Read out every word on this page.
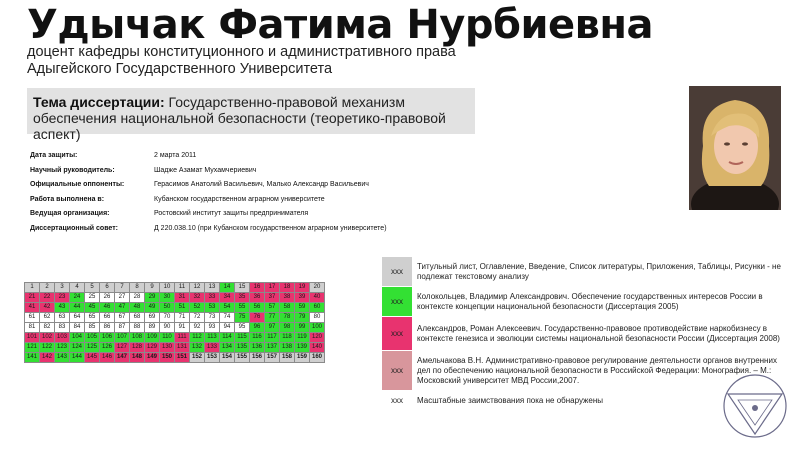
Удычак Фатима Нурбиевна
доцент кафедры конституционного и административного права
Адыгейского Государственного Университета
Тема диссертации: Государственно-правовой механизм обеспечения национальной безопасности (теоретико-правовой аспект)
Дата защиты:	2 марта 2011
Научный руководитель:	Шадже Азамат Мухамчериевич
Официальные оппоненты:	Герасимов Анатолий Васильевич, Малько Александр Васильевич
Работа выполнена в:	Кубанском государственном аграрном университете
Ведущая организация:	Ростовский институт защиты предпринимателя
Диссертационный совет:	Д 220.038.10 (при Кубанском государственном аграрном университете)
1	2	3	4	5	6	7	8	9	10	11	12	13	14	15	16	17	18	19	20
21	22	23	24	25	26	27	28	29	30	31	32	33	34	35	36	37	38	39	40
41	42	43	44	45	46	47	48	49	50	51	52	53	54	55	56	57	58	59	60
61	62	63	64	65	66	67	68	69	70	71	72	73	74	75	76	77	78	79	80
81	82	83	84	85	86	87	88	89	90	91	92	93	94	95	96	97	98	99	100
101	102	103	104	105	106	107	108	109	110	111	112	113	114	115	116	117	118	119	120
121	122	123	124	125	126	127	128	129	130	131	132	133	134	135	136	137	138	139	140
141	142	143	144	145	146	147	148	149	150	151	152	153	154	155	156	157	158	159	160
xxx	Титульный лист, Оглавление, Введение, Список литературы, Приложения, Таблицы, Рисунки - не подлежат текстовому анализу
xxx	Колокольцев, Владимир Александрович. Обеспечение государственных интересов России в контексте концепции национальной безопасности (Диссертация 2005)
xxx	Александров, Роман Алексеевич. Государственно-правовое противодействие наркобизнесу в контексте генезиса и эволюции системы национальной безопасности России (Диссертация 2008)
xxx	Амельчакова В.Н. Административно-правовое регулирование деятельности органов внутренних дел по обеспечению национальной безопасности в Российской Федерации: Монография. – М.: Московский университет МВД России,2007.
xxx	Масштабные заимствования пока не обнаружены
